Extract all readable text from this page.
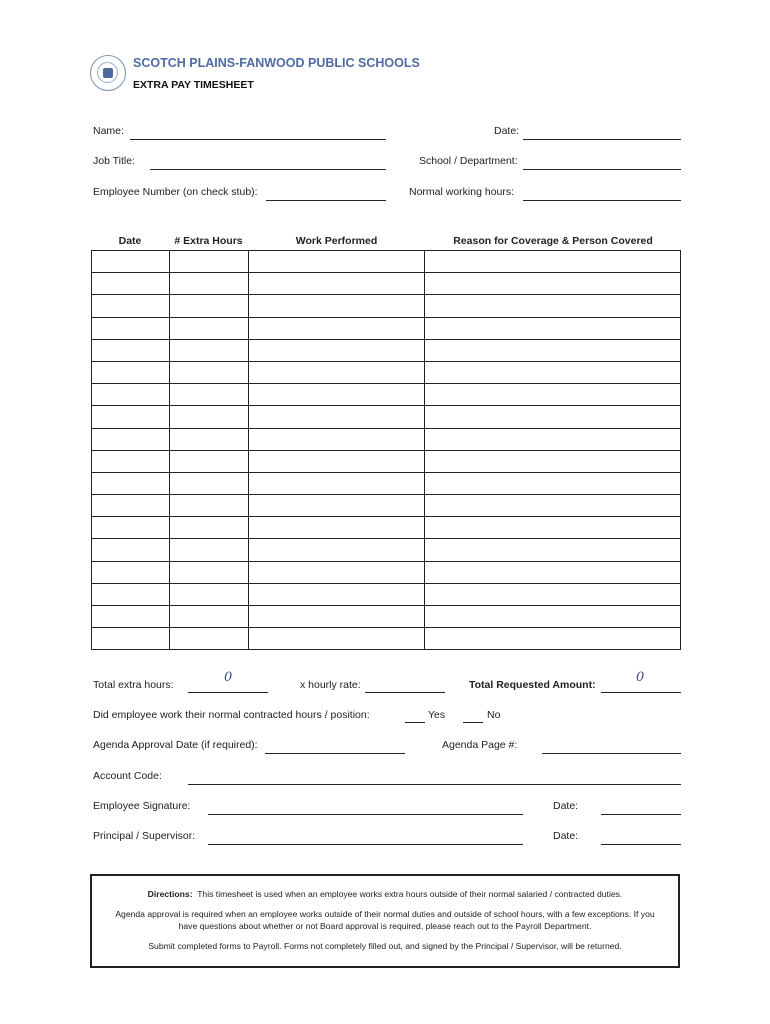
SCOTCH PLAINS-FANWOOD PUBLIC SCHOOLS
EXTRA PAY TIMESHEET
Name:	Date:
Job Title:	School / Department:
Employee Number (on check stub):	Normal working hours:
Date	# Extra Hours	Work Performed	Reason for Coverage & Person Covered

Total extra hours:	0	x hourly rate:	Total Requested Amount:	0
Did employee work their normal contracted hours / position:	Yes	No
Agenda Approval Date (if required):	Agenda Page #:
Account Code:
Employee Signature:	Date:
Principal / Supervisor:	Date:

Directions: This timesheet is used when an employee works extra hours outside of their normal salaried / contracted duties.

Agenda approval is required when an employee works outside of their normal duties and outside of school hours, with a few exceptions. If you have questions about whether or not Board approval is required, please reach out to the Payroll Department.

Submit completed forms to Payroll. Forms not completely filled out, and signed by the Principal / Supervisor, will be returned.
